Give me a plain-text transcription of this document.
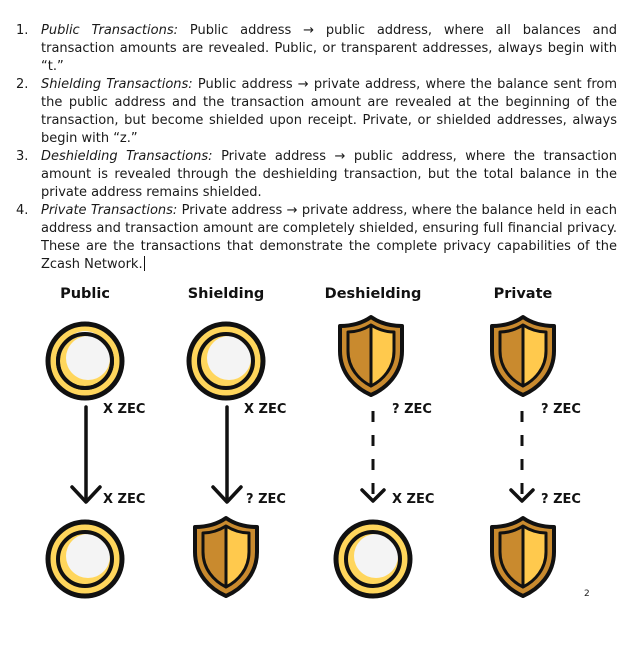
1. Public Transactions: Public address → public address, where all balances and transaction amounts are revealed. Public, or transparent addresses, always begin with “t.”
2. Shielding Transactions: Public address → private address, where the balance sent from the public address and the transaction amount are revealed at the beginning of the transaction, but become shielded upon receipt. Private, or shielded addresses, always begin with “z.”
3. Deshielding Transactions: Private address → public address, where the transaction amount is revealed through the deshielding transaction, but the total balance in the private address remains shielded.
4. Private Transactions: Private address → private address, where the balance held in each address and transaction amount are completely shielded, ensuring full financial privacy. These are the transactions that demonstrate the complete privacy capabilities of the Zcash Network.
Public	Shielding	Deshielding	Private
X ZEC
X ZEC
X ZEC
? ZEC
? ZEC
X ZEC
? ZEC
? ZEC
2
